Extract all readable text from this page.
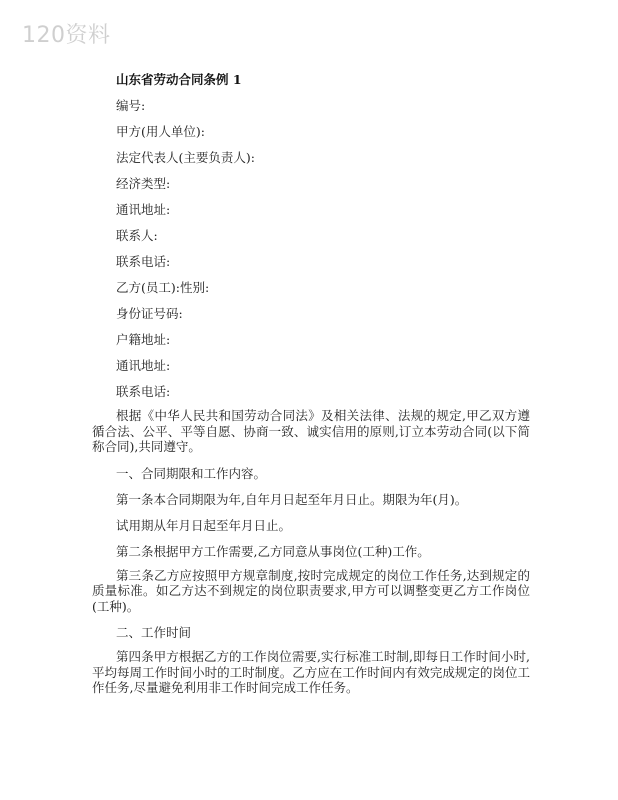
120资料
山东省劳动合同条例 1
编号:
甲方(用人单位):
法定代表人(主要负责人):
经济类型:
通讯地址:
联系人:
联系电话:
乙方(员工):性别:
身份证号码:
户籍地址:
通讯地址:
联系电话:

根据《中华人民共和国劳动合同法》及相关法律、法规的规定,甲乙双方遵循合法、公平、平等自愿、协商一致、诚实信用的原则,订立本劳动合同(以下简称合同),共同遵守。

一、合同期限和工作内容。
第一条本合同期限为年,自年月日起至年月日止。期限为年(月)。
试用期从年月日起至年月日止。
第二条根据甲方工作需要,乙方同意从事岗位(工种)工作。

第三条乙方应按照甲方规章制度,按时完成规定的岗位工作任务,达到规定的质量标准。如乙方达不到规定的岗位职责要求,甲方可以调整变更乙方工作岗位(工种)。

二、工作时间

第四条甲方根据乙方的工作岗位需要,实行标准工时制,即每日工作时间小时,平均每周工作时间小时的工时制度。乙方应在工作时间内有效完成规定的岗位工作任务,尽量避免利用非工作时间完成工作任务。
